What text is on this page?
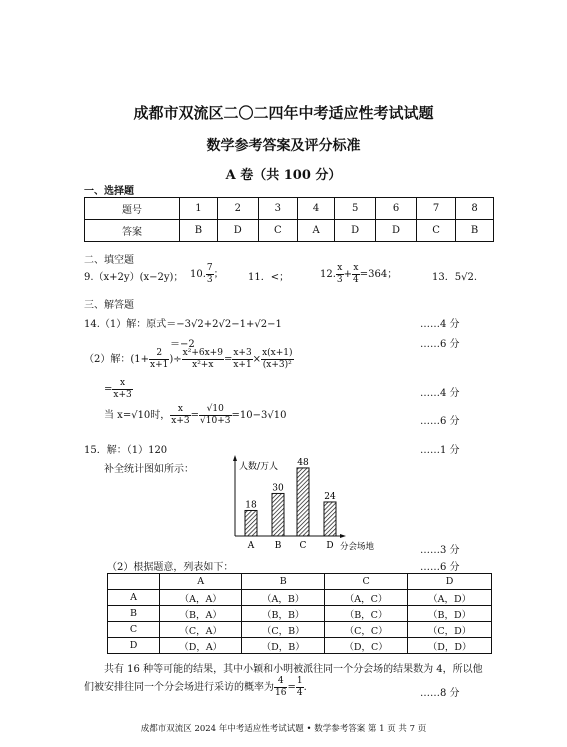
成都市双流区二〇二四年中考适应性考试试题
数学参考答案及评分标准
A 卷（共 100 分）
一、选择题
题号	1	2	3	4	5	6	7	8
答案	B	D	C	A	D	D	C	B
二、填空题
9.（x+2y）(x−2y)； 10. $\frac{7}{3}$ ； 11．<；	12. $\frac{x}{3} + \frac{x}{4} =364$；	13．5√2.
三、解答题
14.（1）解：原式＝−3√2+2√2−1+√2−1	……4 分
＝−2	……6 分
（2）解：($1+ \frac{2}{x+1}$ )÷ $\frac{\text{x²+6x+9}}{\text{x²+x}} = \frac{x+3}{x+1} \times \frac{x(x+1)}{\text{(x+3)²}}$
= $\frac{x}{x+3}$	……4 分
当 x=√10时， $\frac{x}{x+3} = \frac{√10}{√10+3} =10-3√10$
……6 分
15．解：（1）120	……1 分
补全统计图如所示：	人数/万人
分会场地
18
A
30
B
48
C
24
D	……3 分
（2）根据题意，列表如下：	……6 分
	A	B	C	D
A	（A，A）	（A，B）	（A，C）	（A，D）
B	（B，A）	（B，B）	（B，C）	（B，D）
C	（C，A）	（C，B）	（C，C）	（C，D）
D	（D，A）	（D，B）	（D，C）	（D，D）
共有 16 种等可能的结果，其中小颖和小明被派往同一个分会场的结果数为 4，所以他
们被安排往同一个分会场进行采访的概率为 $\frac{4}{16} = \frac{1}{4}$ .
……8 分
成都市双流区 2024 年中考适应性考试试题 • 数学参考答案 第 1 页 共 7 页
